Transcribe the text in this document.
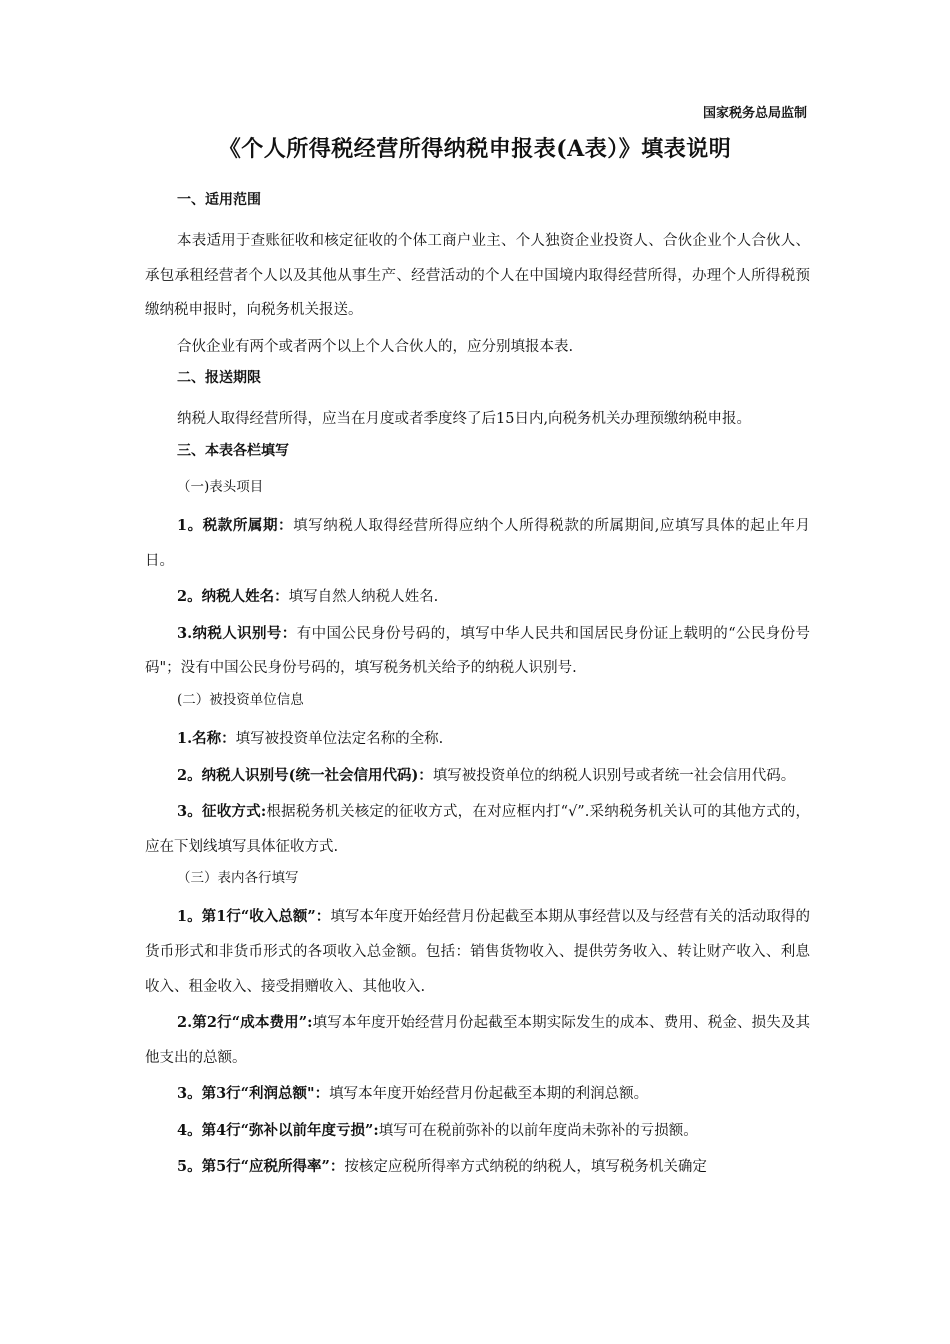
国家税务总局监制
《个人所得税经营所得纳税申报表(A表）》填表说明
一、适用范围
本表适用于查账征收和核定征收的个体工商户业主、个人独资企业投资人、合伙企业个人合伙人、承包承租经营者个人以及其他从事生产、经营活动的个人在中国境内取得经营所得，办理个人所得税预缴纳税申报时，向税务机关报送。
合伙企业有两个或者两个以上个人合伙人的，应分别填报本表.
二、报送期限
纳税人取得经营所得，应当在月度或者季度终了后15日内,向税务机关办理预缴纳税申报。
三、本表各栏填写
（一)表头项目
1。税款所属期：填写纳税人取得经营所得应纳个人所得税款的所属期间,应填写具体的起止年月日。
2。纳税人姓名：填写自然人纳税人姓名.
3.纳税人识别号：有中国公民身份号码的，填写中华人民共和国居民身份证上载明的“公民身份号码"；没有中国公民身份号码的，填写税务机关给予的纳税人识别号.
(二）被投资单位信息
1.名称：填写被投资单位法定名称的全称.
2。纳税人识别号(统一社会信用代码)：填写被投资单位的纳税人识别号或者统一社会信用代码。
3。征收方式:根据税务机关核定的征收方式，在对应框内打“√”.采纳税务机关认可的其他方式的，应在下划线填写具体征收方式.
（三）表内各行填写
1。第1行“收入总额”：填写本年度开始经营月份起截至本期从事经营以及与经营有关的活动取得的货币形式和非货币形式的各项收入总金额。包括：销售货物收入、提供劳务收入、转让财产收入、利息收入、租金收入、接受捐赠收入、其他收入.
2.第2行“成本费用”:填写本年度开始经营月份起截至本期实际发生的成本、费用、税金、损失及其他支出的总额。
3。第3行“利润总额"：填写本年度开始经营月份起截至本期的利润总额。
4。第4行“弥补以前年度亏损”:填写可在税前弥补的以前年度尚未弥补的亏损额。
5。第5行“应税所得率”：按核定应税所得率方式纳税的纳税人，填写税务机关确定
